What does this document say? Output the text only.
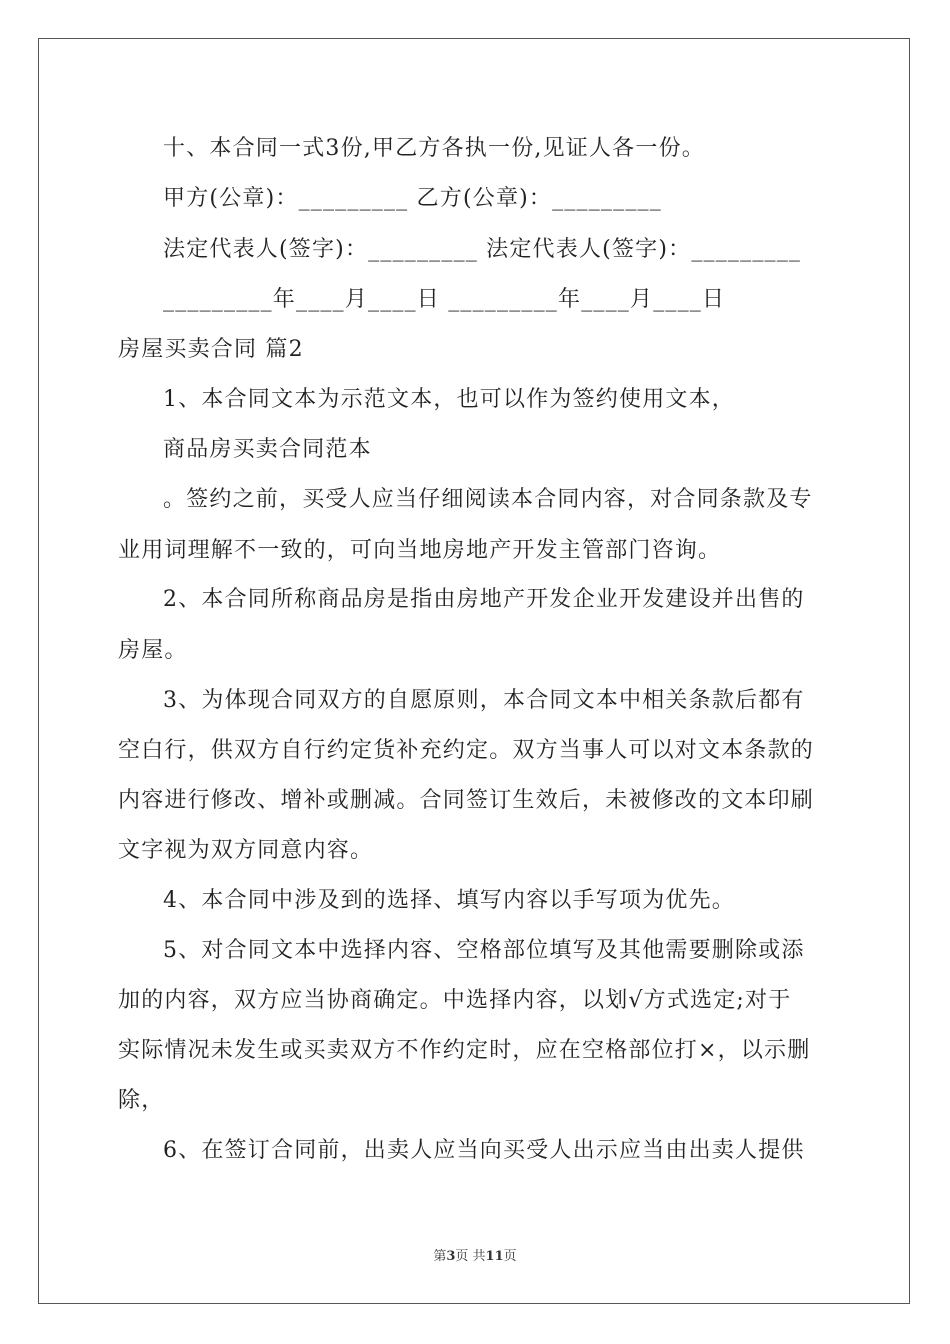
十、本合同一式3份,甲乙方各执一份,见证人各一份。
甲方(公章)：_________ 乙方(公章)：_________
法定代表人(签字)：_________ 法定代表人(签字)：_________
_________年____月____日 _________年____月____日
房屋买卖合同 篇2
1、本合同文本为示范文本，也可以作为签约使用文本，
商品房买卖合同范本
。签约之前，买受人应当仔细阅读本合同内容，对合同条款及专
业用词理解不一致的，可向当地房地产开发主管部门咨询。
2、本合同所称商品房是指由房地产开发企业开发建设并出售的
房屋。
3、为体现合同双方的自愿原则，本合同文本中相关条款后都有
空白行，供双方自行约定货补充约定。双方当事人可以对文本条款的
内容进行修改、增补或删减。合同签订生效后，未被修改的文本印刷
文字视为双方同意内容。
4、本合同中涉及到的选择、填写内容以手写项为优先。
5、对合同文本中选择内容、空格部位填写及其他需要删除或添
加的内容，双方应当协商确定。中选择内容，以划√方式选定;对于
实际情况未发生或买卖双方不作约定时，应在空格部位打×，以示删
除，
6、在签订合同前，出卖人应当向买受人出示应当由出卖人提供
第3页 共11页
